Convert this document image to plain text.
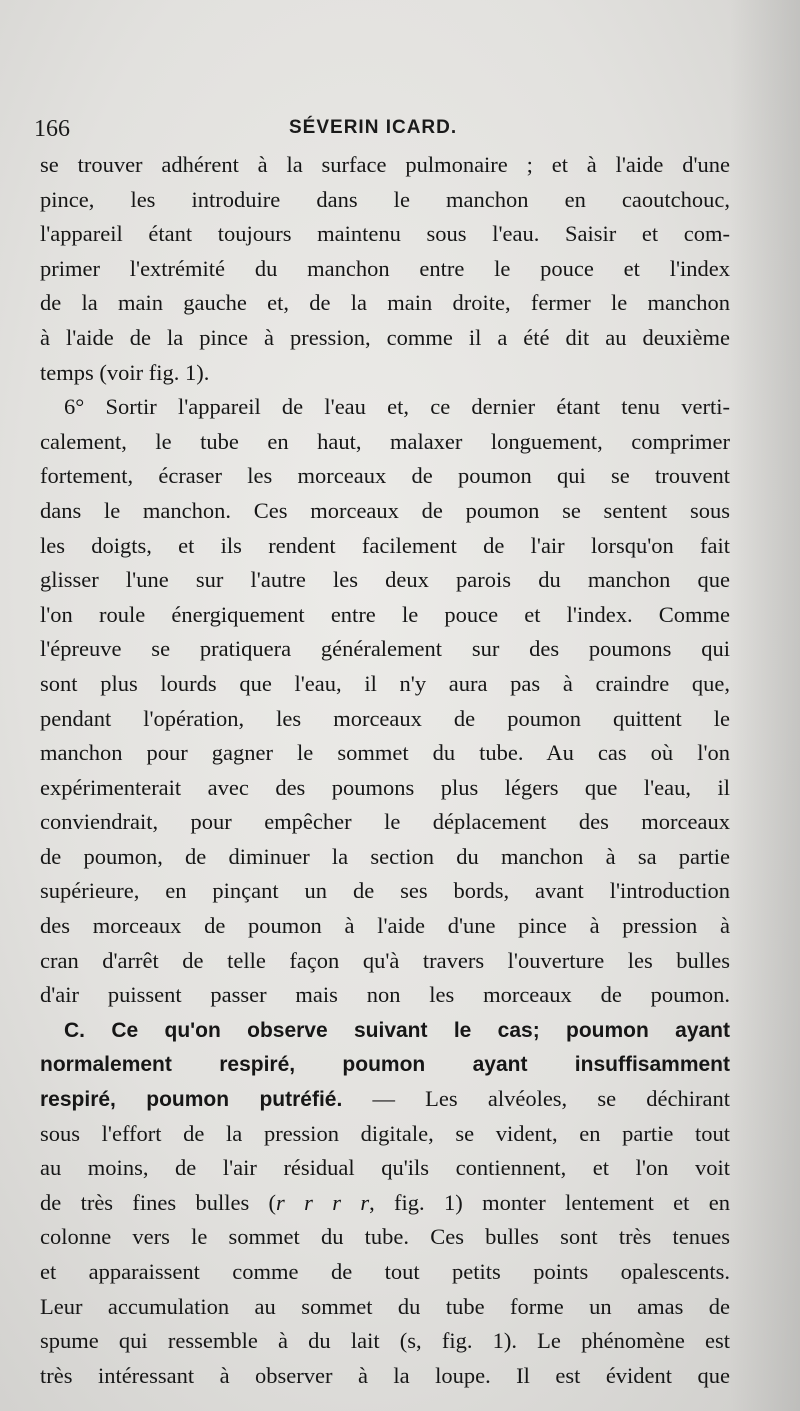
166	SÉVERIN ICARD.
se trouver adhérent à la surface pulmonaire ; et à l'aide d'une
pince, les introduire dans le manchon en caoutchouc,
l'appareil étant toujours maintenu sous l'eau. Saisir et com-
primer l'extrémité du manchon entre le pouce et l'index
de la main gauche et, de la main droite, fermer le manchon
à l'aide de la pince à pression, comme il a été dit au deuxième
temps (voir fig. 1).
6° Sortir l'appareil de l'eau et, ce dernier étant tenu verti-
calement, le tube en haut, malaxer longuement, comprimer
fortement, écraser les morceaux de poumon qui se trouvent
dans le manchon. Ces morceaux de poumon se sentent sous
les doigts, et ils rendent facilement de l'air lorsqu'on fait
glisser l'une sur l'autre les deux parois du manchon que
l'on roule énergiquement entre le pouce et l'index. Comme
l'épreuve se pratiquera généralement sur des poumons qui
sont plus lourds que l'eau, il n'y aura pas à craindre que,
pendant l'opération, les morceaux de poumon quittent le
manchon pour gagner le sommet du tube. Au cas où l'on
expérimenterait avec des poumons plus légers que l'eau, il
conviendrait, pour empêcher le déplacement des morceaux
de poumon, de diminuer la section du manchon à sa partie
supérieure, en pinçant un de ses bords, avant l'introduction
des morceaux de poumon à l'aide d'une pince à pression à
cran d'arrêt de telle façon qu'à travers l'ouverture les bulles
d'air puissent passer mais non les morceaux de poumon.
C. Ce qu'on observe suivant le cas; poumon ayant
normalement respiré, poumon ayant insuffisamment
respiré, poumon putréfié. — Les alvéoles, se déchirant
sous l'effort de la pression digitale, se vident, en partie tout
au moins, de l'air résidual qu'ils contiennent, et l'on voit
de très fines bulles (r r r r, fig. 1) monter lentement et en
colonne vers le sommet du tube. Ces bulles sont très tenues
et apparaissent comme de tout petits points opalescents.
Leur accumulation au sommet du tube forme un amas de
spume qui ressemble à du lait (s, fig. 1). Le phénomène est
très intéressant à observer à la loupe. Il est évident que
